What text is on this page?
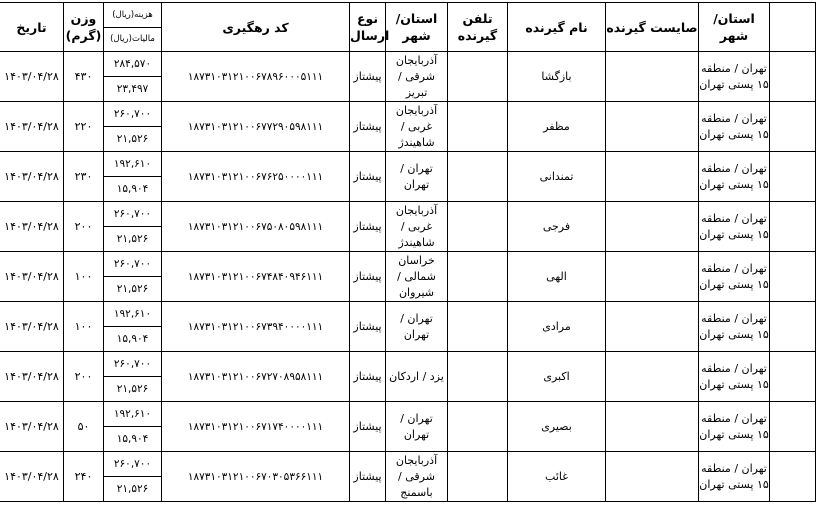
تاریخ	وزن (گرم)	هزینه(ریال)
مالیات(ریال)	کد رهگیری	نوع ارسال	استان/ شهر	تلفن گیرنده	نام گیرنده	صایست گیرنده	استان/ شهر	
۱۴۰۳/۰۴/۲۸	۴۳۰	۲۸۴,۵۷۰	۱۸۷۳۱۰۳۱۲۱۰۰۶۷۸۹۶۰۰۰۵۱۱۱	پیشتاز	آذربایجان شرقی / تبریز		بازگشا		تهران / منطقه ۱۵ پستی تهران	
		۲۳,۴۹۷								
۱۴۰۳/۰۴/۲۸	۲۲۰	۲۶۰,۷۰۰	۱۸۷۳۱۰۳۱۲۱۰۰۶۷۷۲۹۰۵۹۸۱۱۱	پیشتاز	آذربایجان غربی / شاهیندژ		مظفر		تهران / منطقه ۱۵ پستی تهران	
		۲۱,۵۲۶								
۱۴۰۳/۰۴/۲۸	۲۳۰	۱۹۲,۶۱۰	۱۸۷۳۱۰۳۱۲۱۰۰۶۷۶۲۵۰۰۰۰۱۱۱	پیشتاز	تهران / تهران		تمندانی		تهران / منطقه ۱۵ پستی تهران	
		۱۵,۹۰۴								
۱۴۰۳/۰۴/۲۸	۲۰۰	۲۶۰,۷۰۰	۱۸۷۳۱۰۳۱۲۱۰۰۶۷۵۰۸۰۵۹۸۱۱۱	پیشتاز	آذربایجان غربی / شاهیندژ		فرجی		تهران / منطقه ۱۵ پستی تهران	
		۲۱,۵۲۶								
۱۴۰۳/۰۴/۲۸	۱۰۰	۲۶۰,۷۰۰	۱۸۷۳۱۰۳۱۲۱۰۰۶۷۴۸۴۰۹۴۶۱۱۱	پیشتاز	خراسان شمالی / شیروان		الهی		تهران / منطقه ۱۵ پستی تهران	
		۲۱,۵۲۶								
۱۴۰۳/۰۴/۲۸	۱۰۰	۱۹۲,۶۱۰	۱۸۷۳۱۰۳۱۲۱۰۰۶۷۳۹۴۰۰۰۰۱۱۱	پیشتاز	تهران / تهران		مرادی		تهران / منطقه ۱۵ پستی تهران	
		۱۵,۹۰۴								
۱۴۰۳/۰۴/۲۸	۲۰۰	۲۶۰,۷۰۰	۱۸۷۳۱۰۳۱۲۱۰۰۶۷۲۷۰۸۹۵۸۱۱۱	پیشتاز	یزد / اردکان		اکبری		تهران / منطقه ۱۵ پستی تهران	
		۲۱,۵۲۶								
۱۴۰۳/۰۴/۲۸	۵۰	۱۹۲,۶۱۰	۱۸۷۳۱۰۳۱۲۱۰۰۶۷۱۷۴۰۰۰۰۱۱۱	پیشتاز	تهران / تهران		بصیری		تهران / منطقه ۱۵ پستی تهران	
		۱۵,۹۰۴								
۱۴۰۳/۰۴/۲۸	۲۴۰	۲۶۰,۷۰۰	۱۸۷۳۱۰۳۱۲۱۰۰۶۷۰۳۰۵۳۶۶۱۱۱	پیشتاز	آذربایجان شرقی / باسمنج		غائب		تهران / منطقه ۱۵ پستی تهران	
		۲۱,۵۲۶								
